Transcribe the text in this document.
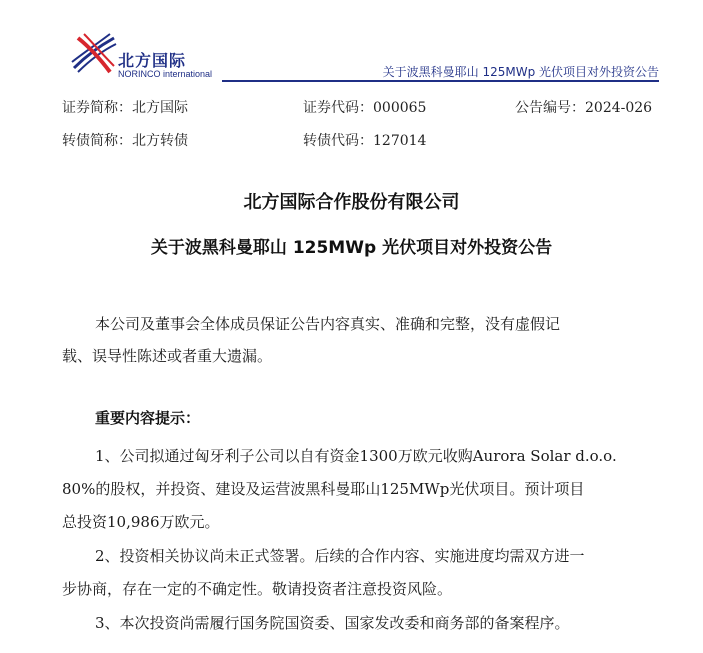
北方国际
NORINCO international	关于波黑科曼耶山 125MWp 光伏项目对外投资公告
证券简称：北方国际	证券代码：000065	公告编号：2024-026
转债简称：北方转债	转债代码：127014
北方国际合作股份有限公司
关于波黑科曼耶山 125MWp 光伏项目对外投资公告
本公司及董事会全体成员保证公告内容真实、准确和完整，没有虚假记
载、误导性陈述或者重大遗漏。
重要内容提示：
1、公司拟通过匈牙利子公司以自有资金1300万欧元收购Aurora Solar d.o.o.
80%的股权，并投资、建设及运营波黑科曼耶山125MWp光伏项目。预计项目
总投资10,986万欧元。
2、投资相关协议尚未正式签署。后续的合作内容、实施进度均需双方进一
步协商，存在一定的不确定性。敬请投资者注意投资风险。
3、本次投资尚需履行国务院国资委、国家发改委和商务部的备案程序。
